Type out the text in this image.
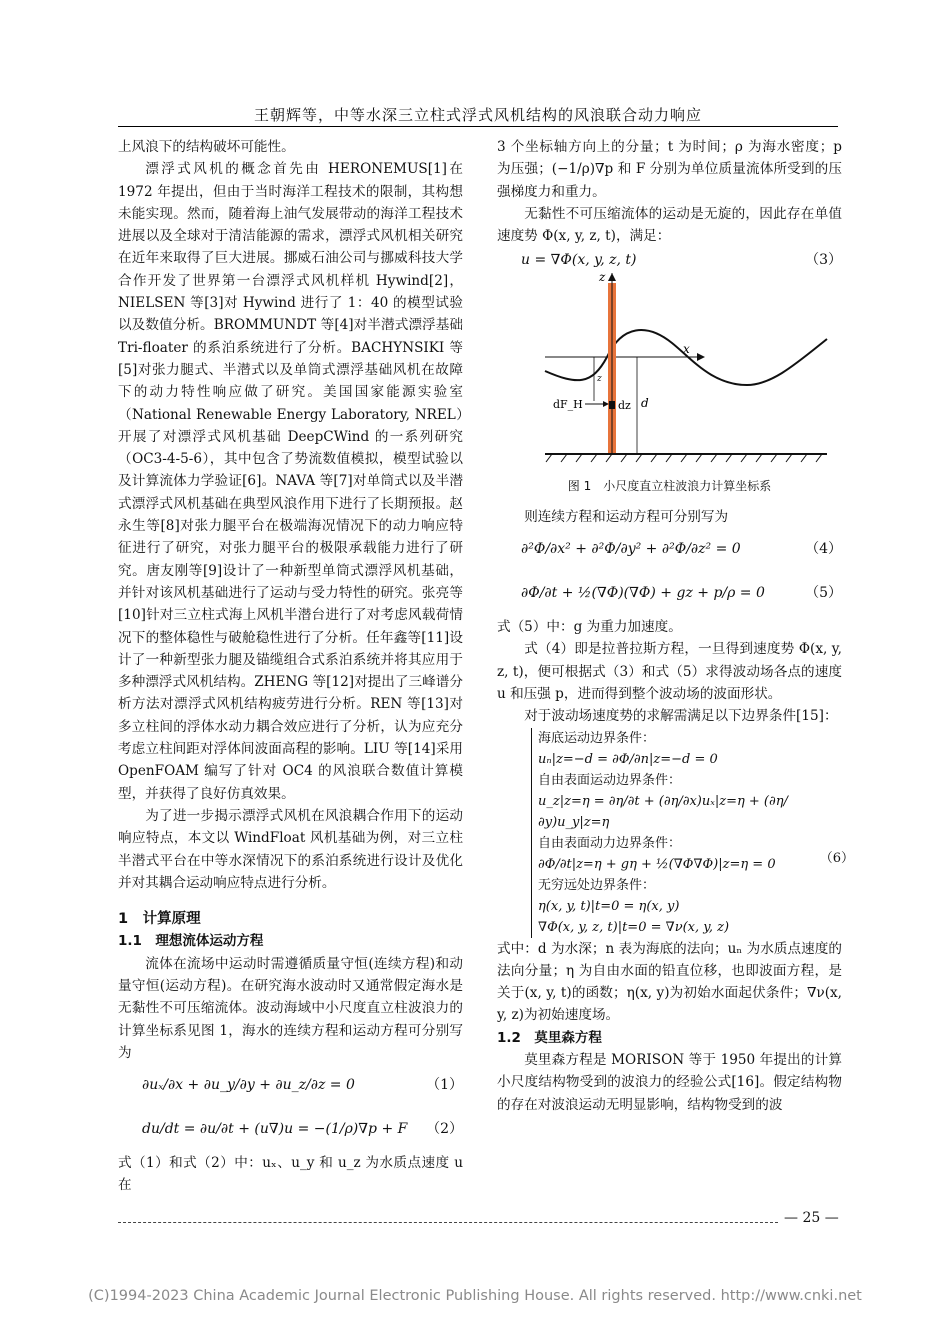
王朝辉等，中等水深三立柱式浮式风机结构的风浪联合动力响应

上风浪下的结构破坏可能性。

漂浮式风机的概念首先由 HERONEMUS[1]在1972 年提出，但由于当时海洋工程技术的限制，其构想未能实现。然而，随着海上油气发展带动的海洋工程技术进展以及全球对于清洁能源的需求，漂浮式风机相关研究在近年来取得了巨大进展。挪威石油公司与挪威科技大学合作开发了世界第一台漂浮式风机样机 Hywind[2]，NIELSEN 等[3]对 Hywind 进行了 1：40 的模型试验以及数值分析。BROMMUNDT 等[4]对半潜式漂浮基础 Tri-floater 的系泊系统进行了分析。BACHYNSIKI 等[5]对张力腿式、半潜式以及单筒式漂浮基础风机在故障下的动力特性响应做了研究。美国国家能源实验室（National Renewable Energy Laboratory, NREL）开展了对漂浮式风机基础 DeepCWind 的一系列研究（OC3-4-5-6），其中包含了势流数值模拟，模型试验以及计算流体力学验证[6]。NAVA 等[7]对单筒式以及半潜式漂浮式风机基础在典型风浪作用下进行了长期预报。赵永生等[8]对张力腿平台在极端海况情况下的动力响应特征进行了研究，对张力腿平台的极限承载能力进行了研究。唐友刚等[9]设计了一种新型单筒式漂浮风机基础，并针对该风机基础进行了运动与受力特性的研究。张亮等[10]针对三立柱式海上风机半潜台进行了对考虑风载荷情况下的整体稳性与破舱稳性进行了分析。任年鑫等[11]设计了一种新型张力腿及锚缆组合式系泊系统并将其应用于多种漂浮式风机结构。ZHENG 等[12]对提出了三峰谱分析方法对漂浮式风机结构疲劳进行分析。REN 等[13]对多立柱间的浮体水动力耦合效应进行了分析，认为应充分考虑立柱间距对浮体间波面高程的影响。LIU 等[14]采用OpenFOAM 编写了针对 OC4 的风浪联合数值计算模型，并获得了良好仿真效果。

为了进一步揭示漂浮式风机在风浪耦合作用下的运动响应特点，本文以 WindFloat 风机基础为例，对三立柱半潜式平台在中等水深情况下的系泊系统进行设计及优化并对其耦合运动响应特点进行分析。

1　计算原理

1.1　理想流体运动方程

流体在流场中运动时需遵循质量守恒(连续方程)和动量守恒(运动方程)。在研究海水波动时又通常假定海水是无黏性不可压缩流体。波动海域中小尺度直立柱波浪力的计算坐标系见图 1，海水的连续方程和运动方程可分别写为

∂uₓ/∂x + ∂u_y/∂y + ∂u_z/∂z = 0	（1）
du/dt = ∂u/∂t + (u∇)u = −(1/ρ)∇p + F （2）

式（1）和式（2）中：uₓ、u_y 和 u_z 为水质点速度 u 在

3 个坐标轴方向上的分量；t 为时间；ρ 为海水密度；p 为压强；(−1/ρ)∇p 和 F 分别为单位质量流体所受到的压强梯度力和重力。

无黏性不可压缩流体的运动是无旋的，因此存在单值速度势 Φ(x, y, z, t)，满足：

u = ∇Φ(x, y, z, t)	（3）
z
x
dF_H	dz d
z

图 1　小尺度直立柱波浪力计算坐标系

则连续方程和运动方程可分别写为

∂²Φ/∂x² + ∂²Φ/∂y² + ∂²Φ/∂z² = 0	（4）
∂Φ/∂t + ½(∇Φ)(∇Φ) + gz + p/ρ = 0	（5）

式（5）中：g 为重力加速度。

式（4）即是拉普拉斯方程，一旦得到速度势 Φ(x, y, z, t)，便可根据式（3）和式（5）求得波动场各点的速度 u 和压强 p，进而得到整个波动场的波面形状。

对于波动场速度势的求解需满足以下边界条件[15]：

海底运动边界条件：
uₙ|z=−d = ∂Φ/∂n|z=−d = 0
自由表面运动边界条件：
u_z|z=η = ∂η/∂t + (∂η/∂x)uₓ|z=η + (∂η/∂y)u_y|z=η
自由表面动力边界条件：
∂Φ/∂t|z=η + gη + ½(∇Φ∇Φ)|z=η = 0
无穷远处边界条件：
η(x, y, t)|t=0 = η(x, y)
∇Φ(x, y, z, t)|t=0 = ∇ν(x, y, z)
（6）

式中：d 为水深；n 表为海底的法向；uₙ 为水质点速度的法向分量；η 为自由水面的铅直位移，也即波面方程，是关于(x, y, t)的函数；η(x, y)为初始水面起伏条件；∇ν(x, y, z)为初始速度场。

1.2　莫里森方程

莫里森方程是 MORISON 等于 1950 年提出的计算小尺度结构物受到的波浪力的经验公式[16]。假定结构物的存在对波浪运动无明显影响，结构物受到的波

— 25 —
(C)1994-2023 China Academic Journal Electronic Publishing House. All rights reserved. http://www.cnki.net
